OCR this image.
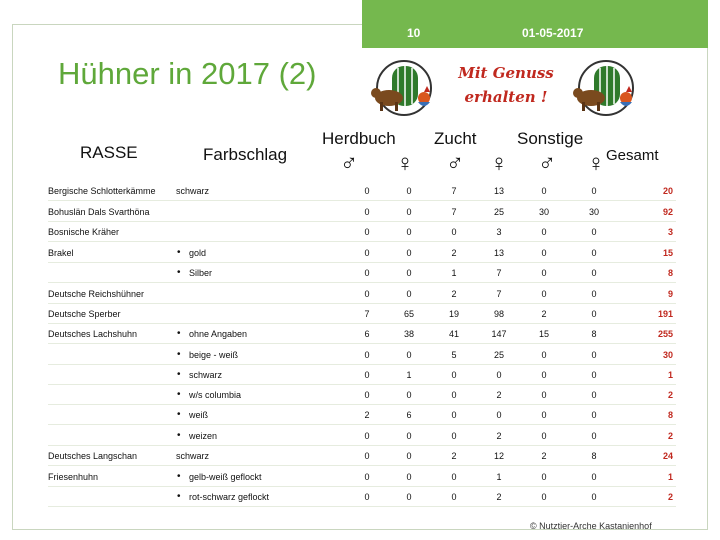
10	01-05-2017
Hühner in 2017 (2)	Mit Genuss
erhalten !
RASSE	Farbschlag
Herdbuch Zucht Sonstige
Gesamt
♂ ♀ ♂ ♀ ♂ ♀
Bergische Schlotterkämme schwarz	0	0	7	13	0	0	20
Bohuslän Dals Svarthöna	0	0	7	25	30	30	92
Bosnische Kräher	0	0	0	3	0	0	3
Brakel	• gold	0	0	2	13	0	0	15
• Silber	0	0	1	7	0	0	8
Deutsche Reichshühner	0	0	2	7	0	0	9
Deutsche Sperber	7	65	19	98	2	0	191
Deutsches Lachshuhn	• ohne Angaben	6	38	41	147	15	8	255
• beige - weiß	0	0	5	25	0	0	30
• schwarz	0	1	0	0	0	0	1
• w/s columbia	0	0	0	2	0	0	2
• weiß	2	6	0	0	0	0	8
• weizen	0	0	0	2	0	0	2
Deutsches Langschan	schwarz	0	0	2	12	2	8	24
Friesenhuhn	• gelb-weiß geflockt	0	0	0	1	0	0	1
• rot-schwarz geflockt	0	0	0	2	0	0	2
© Nutztier-Arche Kastanienhof
